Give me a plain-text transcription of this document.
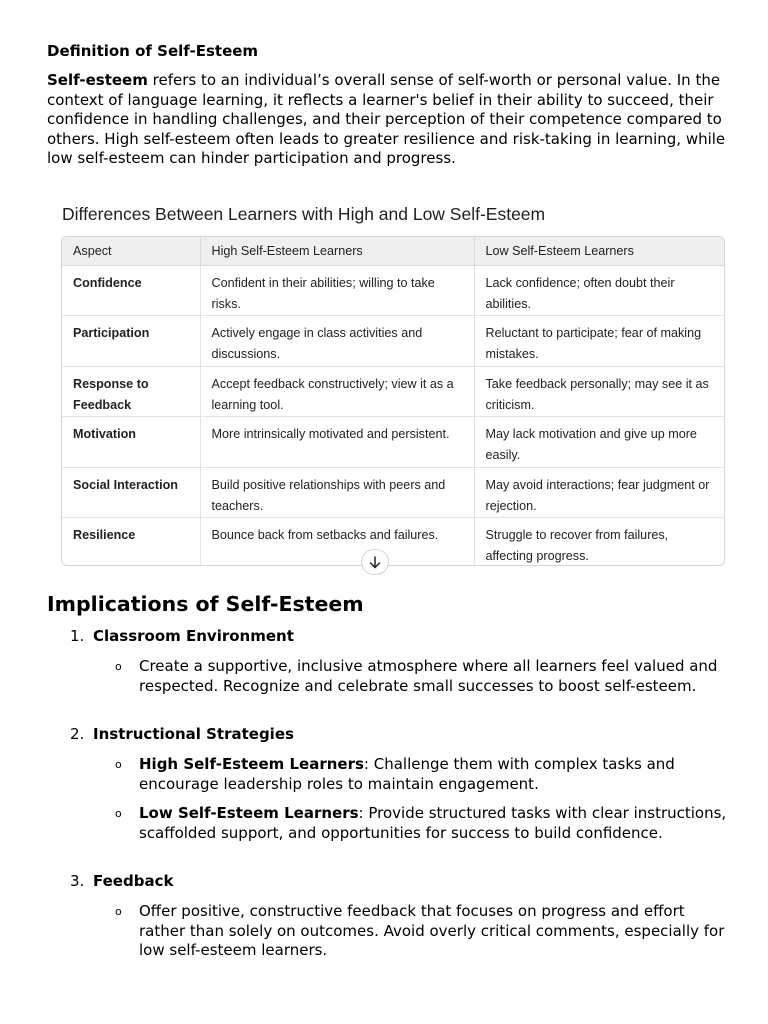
Definition of Self-Esteem

Self-esteem refers to an individual’s overall sense of self-worth or personal value. In the context of language learning, it reflects a learner's belief in their ability to succeed, their confidence in handling challenges, and their perception of their competence compared to others. High self-esteem often leads to greater resilience and risk-taking in learning, while low self-esteem can hinder participation and progress.

Differences Between Learners with High and Low Self-Esteem
Aspect	High Self-Esteem Learners	Low Self-Esteem Learners
Confidence	Confident in their abilities; willing to take risks.	Lack confidence; often doubt their abilities.
Participation	Actively engage in class activities and discussions.	Reluctant to participate; fear of making mistakes.
Response to Feedback	Accept feedback constructively; view it as a learning tool.	Take feedback personally; may see it as criticism.
Motivation	More intrinsically motivated and persistent.	May lack motivation and give up more easily.
Social Interaction	Build positive relationships with peers and teachers.	May avoid interactions; fear judgment or rejection.
Resilience	Bounce back from setbacks and failures.	Struggle to recover from failures, affecting progress.
Implications of Self-Esteem
1. Classroom Environment
o Create a supportive, inclusive atmosphere where all learners feel valued and respected. Recognize and celebrate small successes to boost self-esteem.
2. Instructional Strategies
o High Self-Esteem Learners: Challenge them with complex tasks and encourage leadership roles to maintain engagement.
o Low Self-Esteem Learners: Provide structured tasks with clear instructions, scaffolded support, and opportunities for success to build confidence.
3. Feedback
o Offer positive, constructive feedback that focuses on progress and effort rather than solely on outcomes. Avoid overly critical comments, especially for low self-esteem learners.
